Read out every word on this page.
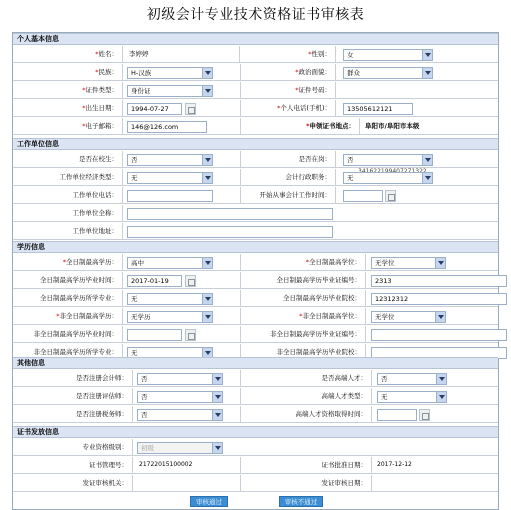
初级会计专业技术资格证书审核表
个人基本信息
*姓名： 李婷婷	*性别：	女
*民族：	H-汉族	*政治面貌：	群众
*证件类型：	身份证	*证件号码：
*出生日期：	1994-07-27	*个人电话(手机)：	13505612121
*电子邮箱：	146@126.com	*申领证书地点： 阜阳市/阜阳市本级
工作单位信息
是否在校生：	否	是否在岗：	否
工作单位经济类型：	无	会计行政职务：	无
工作单位电话：	开始从事会计工作时间：
工作单位全称：
工作单位地址：
学历信息
*全日制最高学历：	高中	*全日制最高学位：	无学位
全日制最高学历毕业时间：	2017-01-19	全日制最高学历毕业证编号：	2313
全日制最高学历所学专业：	无	全日制最高学历毕业院校：	12312312
*非全日制最高学历：	无学历	*非全日制最高学位：	无学位
非全日制最高学历毕业时间：	非全日制最高学历毕业证编号：
非全日制最高学历所学专业：	无	非全日制最高学历毕业院校：
其他信息
是否注册会计师：	否	是否高端人才：	否
是否注册评估师：	否	高端人才类型：	无
是否注册税务师：	否	高端人才资格取得时间：
证书发放信息
专业资格级别：	初级
证书管理号： 21722015100002	证书批准日期： 2017-12-12
发证审核机关：	发证审核日期：
审核通过	审核不通过
